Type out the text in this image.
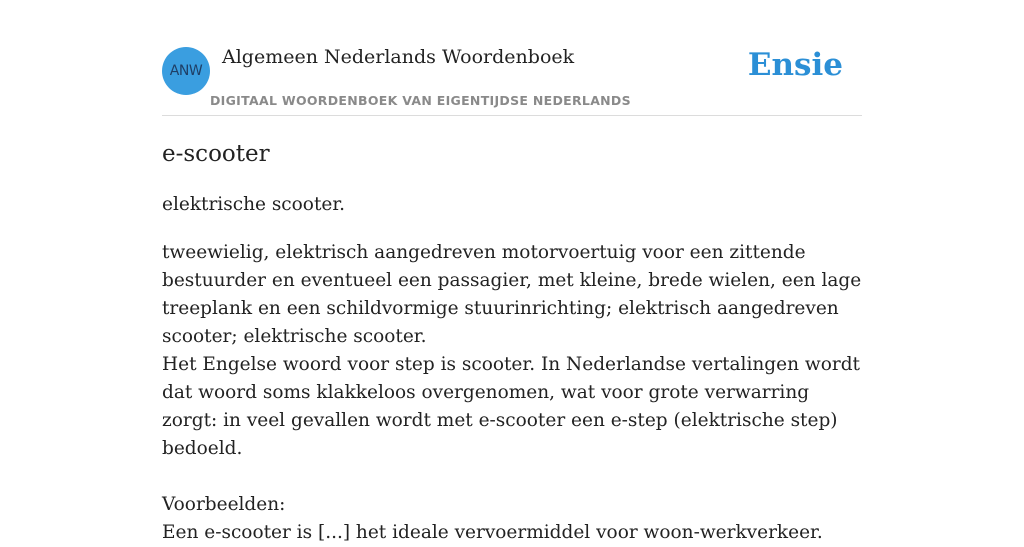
ANW
Algemeen Nederlands Woordenboek
DIGITAAL WOORDENBOEK VAN EIGENTIJDSE NEDERLANDS
Ensie
e-scooter

elektrische scooter.

tweewielig, elektrisch aangedreven motorvoertuig voor een zittende bestuurder en eventueel een passagier, met kleine, brede wielen, een lage treeplank en een schildvormige stuurinrichting; elektrisch aangedreven scooter; elektrische scooter.

Het Engelse woord voor step is scooter. In Nederlandse vertalingen wordt dat woord soms klakkeloos overgenomen, wat voor grote verwarring zorgt: in veel gevallen wordt met e-scooter een e-step (elektrische step) bedoeld.

Voorbeelden:

Een e-scooter is [...] het ideale vervoermiddel voor woon-werkverkeer.
